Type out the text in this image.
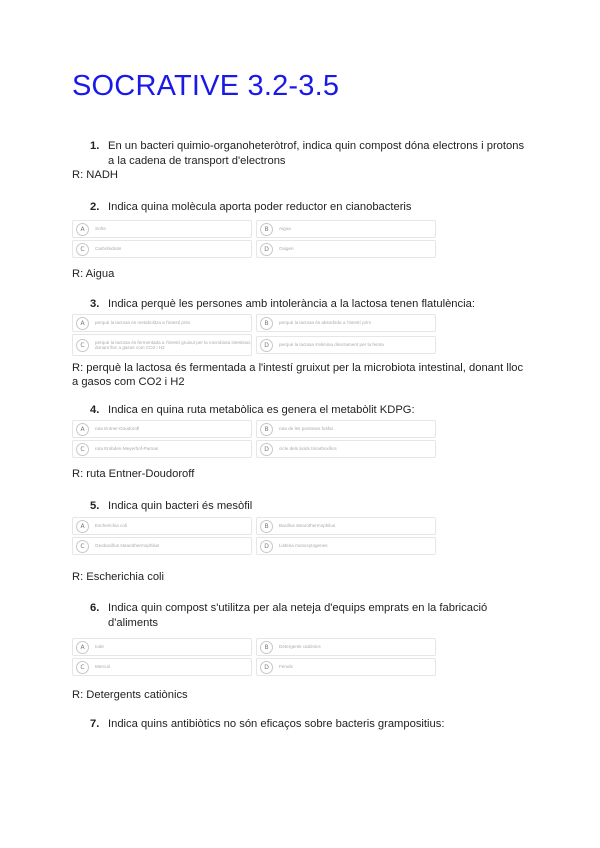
SOCRATIVE 3.2-3.5
1. En un bacteri quimio-organoheteròtrof, indica quin compost dóna electrons i protons a la cadena de transport d'electrons
R: NADH
2. Indica quina molècula aporta poder reductor en cianobacteris
A	Sofre	B	Aigua
C	Carbohidrats	D	Oxigen
R: Aigua
3. Indica perquè les persones amb intolerància a la lactosa tenen flatulència:
A	perquè la lactosa es metabolitza a l'intestí prim	B	perquè la lactosa és absorbida a l'intestí prim
C	perquè la lactosa és fermentada a l'intestí gruixut per la microbiota intestinal, donant lloc a gasos com CO2 i H2	D	perquè la lactosa s'elimina directament per la femta
R: perquè la lactosa és fermentada a l'intestí gruixut per la microbiota intestinal, donant lloc a gasos com CO2 i H2
4. Indica en quina ruta metabòlica es genera el metabòlit KDPG:
A	ruta Entner-Doudoroff	B	ruta de les pentoses fosfat
C	ruta Embden-Meyerhof-Parnas	D	cicle dels àcids tricarboxílics
R: ruta Entner-Doudoroff
5. Indica quin bacteri és mesòfil
A	Escherichia coli	B	Bacillus stearothermophilus
C	Geobacillus stearothermophilus	D	Listeria monocytogenes
R: Escherichia coli
6. Indica quin compost s'utilitza per ala neteja d'equips emprats en la fabricació d'aliments
A	Iode	B	Detergents catiònics
C	Mercuri	D	Fenols
R: Detergents catiònics
7. Indica quins antibiòtics no són eficaços sobre bacteris grampositius:
